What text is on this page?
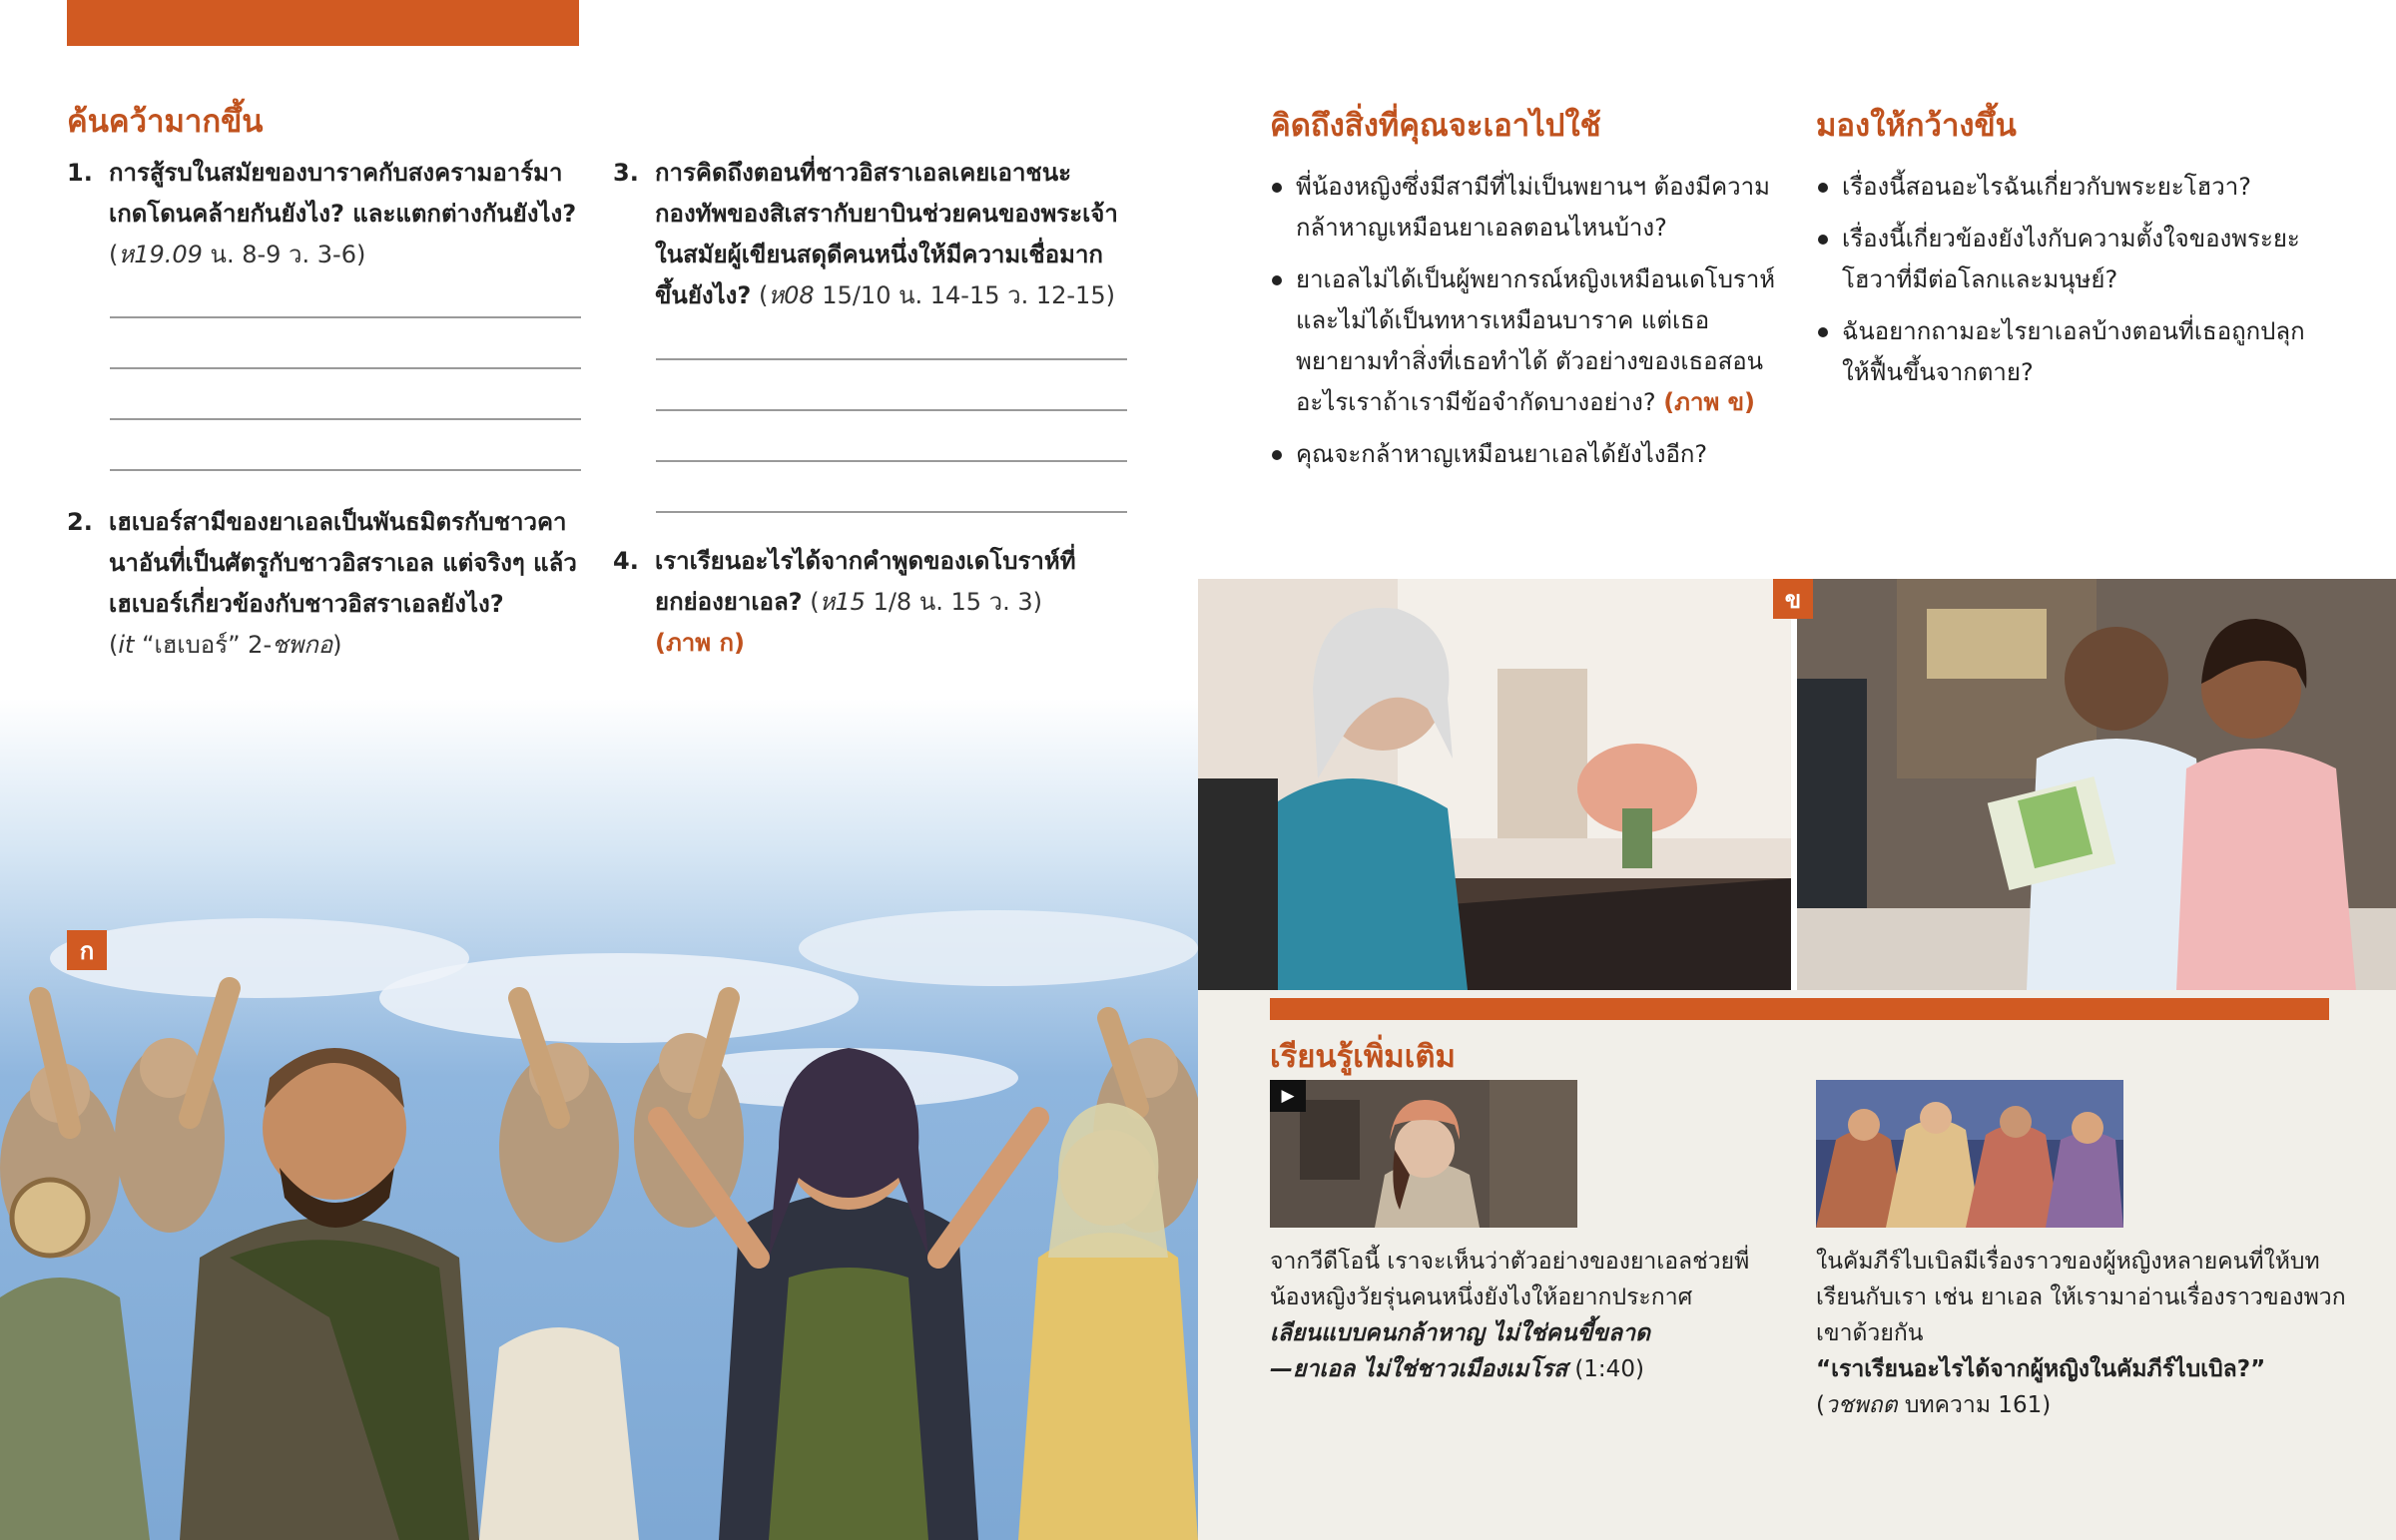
ค้นคว้ามากขึ้น
1. การสู้รบในสมัยของบาราคกับสงครามอาร์มาเกดโดนคล้ายกันยังไง? และแตกต่างกันยังไง?
(ห19.09 น. 8-9 ว. 3-6)
2. เฮเบอร์สามีของยาเอลเป็นพันธมิตรกับชาวคานาอันที่เป็นศัตรูกับชาวอิสราเอล แต่จริงๆ แล้วเฮเบอร์เกี่ยวข้องกับชาวอิสราเอลยังไง?
(it “เฮเบอร์” 2-ชพกอ)
3. การคิดถึงตอนที่ชาวอิสราเอลเคยเอาชนะกองทัพของสิเสรากับยาบินช่วยคนของพระเจ้าในสมัยผู้เขียนสดุดีคนหนึ่งให้มีความเชื่อมากขึ้นยังไง? (ห08 15/10 น. 14-15 ว. 12-15)
4. เราเรียนอะไรได้จากคำพูดของเดโบราห์ที่ยกย่องยาเอล? (ห15 1/8 น. 15 ว. 3)
(ภาพ ก)
ก
คิดถึงสิ่งที่คุณจะเอาไปใช้
พี่น้องหญิงซึ่งมีสามีที่ไม่เป็นพยานฯ ต้องมีความกล้าหาญเหมือนยาเอลตอนไหนบ้าง?
ยาเอลไม่ได้เป็นผู้พยากรณ์หญิงเหมือนเดโบราห์และไม่ได้เป็นทหารเหมือนบาราค แต่เธอพยายามทำสิ่งที่เธอทำได้ ตัวอย่างของเธอสอนอะไรเราถ้าเรามีข้อจำกัดบางอย่าง? (ภาพ ข)
คุณจะกล้าหาญเหมือนยาเอลได้ยังไงอีก?
มองให้กว้างขึ้น
เรื่องนี้สอนอะไรฉันเกี่ยวกับพระยะโฮวา?
เรื่องนี้เกี่ยวข้องยังไงกับความตั้งใจของพระยะโฮวาที่มีต่อโลกและมนุษย์?
ฉันอยากถามอะไรยาเอลบ้างตอนที่เธอถูกปลุกให้ฟื้นขึ้นจากตาย?
ข
เรียนรู้เพิ่มเติม
▶
จากวีดีโอนี้ เราจะเห็นว่าตัวอย่างของยาเอลช่วยพี่น้องหญิงวัยรุ่นคนหนึ่งยังไงให้อยากประกาศ
เลียนแบบคนกล้าหาญ ไม่ใช่คนขี้ขลาด
—ยาเอล ไม่ใช่ชาวเมืองเมโรส (1:40)
ในคัมภีร์ไบเบิลมีเรื่องราวของผู้หญิงหลายคนที่ให้บทเรียนกับเรา เช่น ยาเอล ให้เรามาอ่านเรื่องราวของพวกเขาด้วยกัน
“เราเรียนอะไรได้จากผู้หญิงในคัมภีร์ไบเบิล?”
(วชพถต บทความ 161)
